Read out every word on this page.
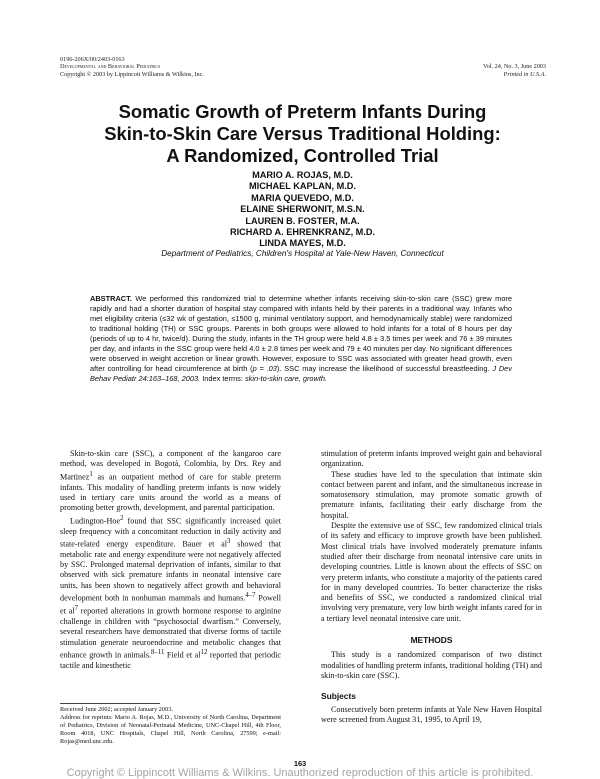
0196-206X/00/2403-0163
Developmental and Behavioral Pediatrics
Copyright © 2003 by Lippincott Williams & Wilkins, Inc.

Vol. 24, No. 3, June 2003
Printed in U.S.A.
Somatic Growth of Preterm Infants During
Skin-to-Skin Care Versus Traditional Holding:
A Randomized, Controlled Trial
MARIO A. ROJAS, M.D.
MICHAEL KAPLAN, M.D.
MARIA QUEVEDO, M.D.
ELAINE SHERWONIT, M.S.N.
LAUREN B. FOSTER, M.A.
RICHARD A. EHRENKRANZ, M.D.
LINDA MAYES, M.D.
Department of Pediatrics, Children's Hospital at Yale-New Haven, Connecticut
ABSTRACT. We performed this randomized trial to determine whether infants receiving skin-to-skin care (SSC) grew more rapidly and had a shorter duration of hospital stay compared with infants held by their parents in a traditional way. Infants who met eligibility criteria (≤32 wk of gestation, ≤1500 g, minimal ventilatory support, and hemodynamically stable) were randomized to traditional holding (TH) or SSC groups. Parents in both groups were allowed to hold infants for a total of 8 hours per day (periods of up to 4 hr, twice/d). During the study, infants in the TH group were held 4.8 ± 3.5 times per week and 76 ± 39 minutes per day, and infants in the SSC group were held 4.0 ± 2.8 times per week and 79 ± 40 minutes per day. No significant differences were observed in weight accretion or linear growth. However, exposure to SSC was associated with greater head growth, even after controlling for head circumference at birth (p = .03). SSC may increase the likelihood of successful breastfeeding. J Dev Behav Pediatr 24:163–168, 2003. Index terms: skin-to-skin care, growth.

Skin-to-skin care (SSC), a component of the kangaroo care method, was developed in Bogotá, Colombia, by Drs. Rey and Martinez$^1$ as an outpatient method of care for stable preterm infants. This modality of handling preterm infants is now widely used in tertiary care units around the world as a means of promoting better growth, development, and parental participation.

Ludington-Hoe$^2$ found that SSC significantly increased quiet sleep frequency with a concomitant reduction in daily activity and state-related energy expenditure. Bauer et $al^3$ showed that metabolic rate and energy expenditure were not negatively affected by SSC. Prolonged maternal deprivation of infants, similar to that observed with sick premature infants in neonatal intensive care units, has been shown to negatively affect growth and behavioral development both in nonhuman mammals and humans.$^{4-7}$ Powell et $al^7$ reported alterations in growth hormone response to arginine challenge in children with “psychosocial dwarfism.” Conversely, several researchers have demonstrated that diverse forms of tactile stimulation generate neuroendocrine and metabolic changes that enhance growth in animals.$^{8-11}$ Field et $al^{12}$ reported that periodic tactile and kinesthetic

Received June 2002; accepted January 2003.

Address for reprints: Mario A. Rojas, M.D., University of North Carolina, Department of Pediatrics, Division of Neonatal-Perinatal Medicine, UNC-Chapel Hill, 4th Floor, Room 4018, UNC Hospitals, Chapel Hill, North Carolina, 27599; e-mail: Rojas@med.unc.edu.

stimulation of preterm infants improved weight gain and behavioral organization.

These studies have led to the speculation that intimate skin contact between parent and infant, and the simultaneous increase in somatosensory stimulation, may promote somatic growth of premature infants, facilitating their early discharge from the hospital.

Despite the extensive use of SSC, few randomized clinical trials of its safety and efficacy to improve growth have been published. Most clinical trials have involved moderately premature infants studied after their discharge from neonatal intensive care units in developing countries. Little is known about the effects of SSC on very preterm infants, who constitute a majority of the patients cared for in many developed countries. To better characterize the risks and benefits of SSC, we conducted a randomized clinical trial involving very premature, very low birth weight infants cared for in a tertiary level neonatal intensive care unit.

METHODS

This study is a randomized comparison of two distinct modalities of handling preterm infants, traditional holding (TH) and skin-to-skin care (SSC).

Subjects

Consecutively born preterm infants at Yale New Haven Hospital were screened from August 31, 1995, to April 19,

163
Copyright © Lippincott Williams & Wilkins. Unauthorized reproduction of this article is prohibited.
